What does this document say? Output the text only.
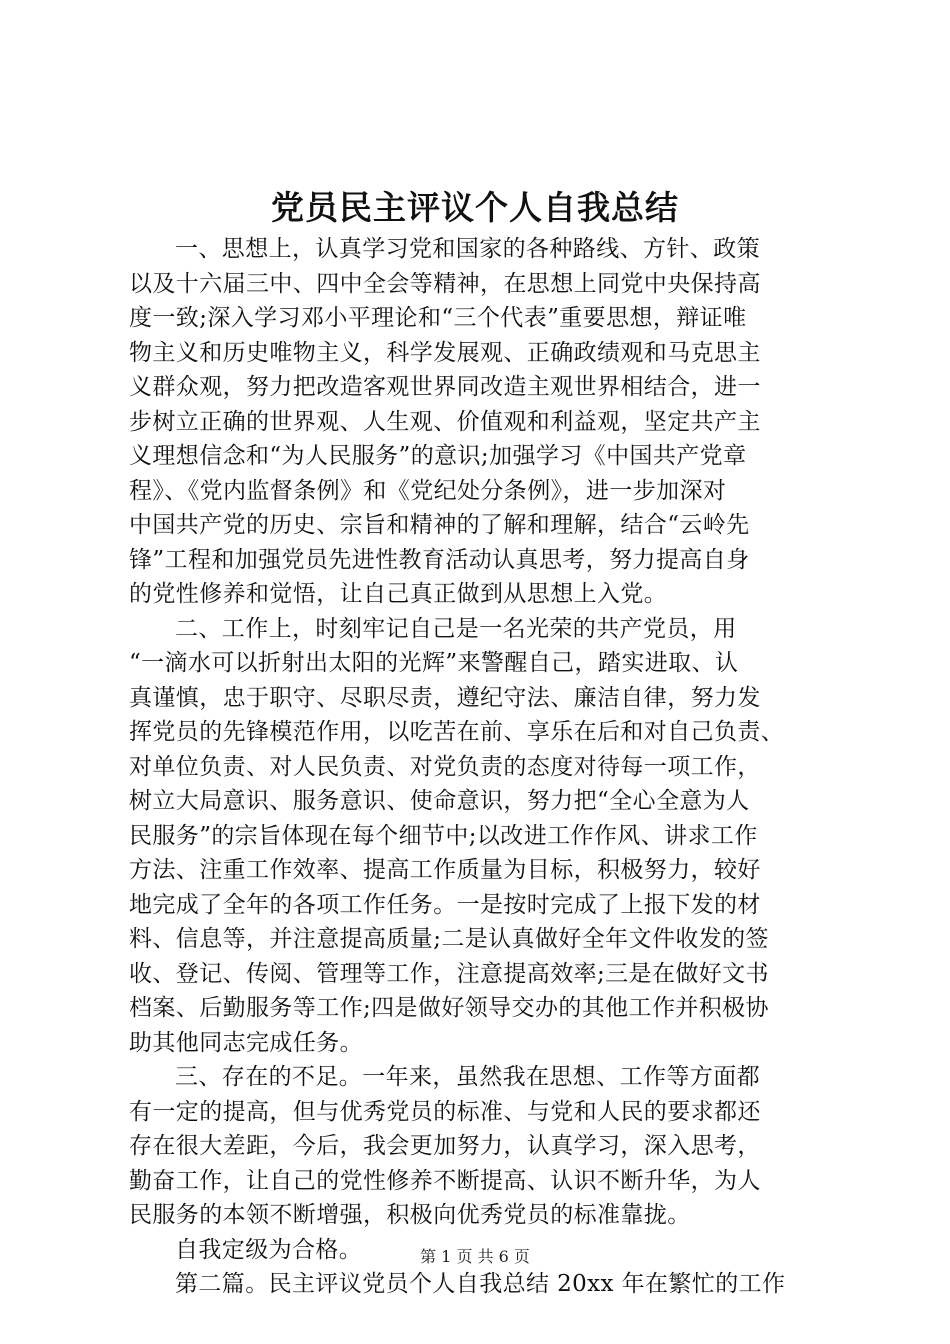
党员民主评议个人自我总结
一、思想上，认真学习党和国家的各种路线、方针、政策
以及十六届三中、四中全会等精神，在思想上同党中央保持高
度一致;深入学习邓小平理论和“三个代表”重要思想，辩证唯
物主义和历史唯物主义，科学发展观、正确政绩观和马克思主
义群众观，努力把改造客观世界同改造主观世界相结合，进一
步树立正确的世界观、人生观、价值观和利益观，坚定共产主
义理想信念和“为人民服务”的意识;加强学习《中国共产党章
程》、《党内监督条例》和《党纪处分条例》，进一步加深对
中国共产党的历史、宗旨和精神的了解和理解，结合“云岭先
锋”工程和加强党员先进性教育活动认真思考，努力提高自身
的党性修养和觉悟，让自己真正做到从思想上入党。
二、工作上，时刻牢记自己是一名光荣的共产党员，用
“一滴水可以折射出太阳的光辉”来警醒自己，踏实进取、认
真谨慎，忠于职守、尽职尽责，遵纪守法、廉洁自律，努力发
挥党员的先锋模范作用，以吃苦在前、享乐在后和对自己负责、
对单位负责、对人民负责、对党负责的态度对待每一项工作，
树立大局意识、服务意识、使命意识，努力把“全心全意为人
民服务”的宗旨体现在每个细节中;以改进工作作风、讲求工作
方法、注重工作效率、提高工作质量为目标，积极努力，较好
地完成了全年的各项工作任务。一是按时完成了上报下发的材
料、信息等，并注意提高质量;二是认真做好全年文件收发的签
收、登记、传阅、管理等工作，注意提高效率;三是在做好文书
档案、后勤服务等工作;四是做好领导交办的其他工作并积极协
助其他同志完成任务。
三、存在的不足。一年来，虽然我在思想、工作等方面都
有一定的提高，但与优秀党员的标准、与党和人民的要求都还
存在很大差距，今后，我会更加努力，认真学习，深入思考，
勤奋工作，让自己的党性修养不断提高、认识不断升华，为人
民服务的本领不断增强，积极向优秀党员的标准靠拢。
自我定级为合格。
第二篇。民主评议党员个人自我总结 20xx 年在繁忙的工作
第 1 页 共 6 页
